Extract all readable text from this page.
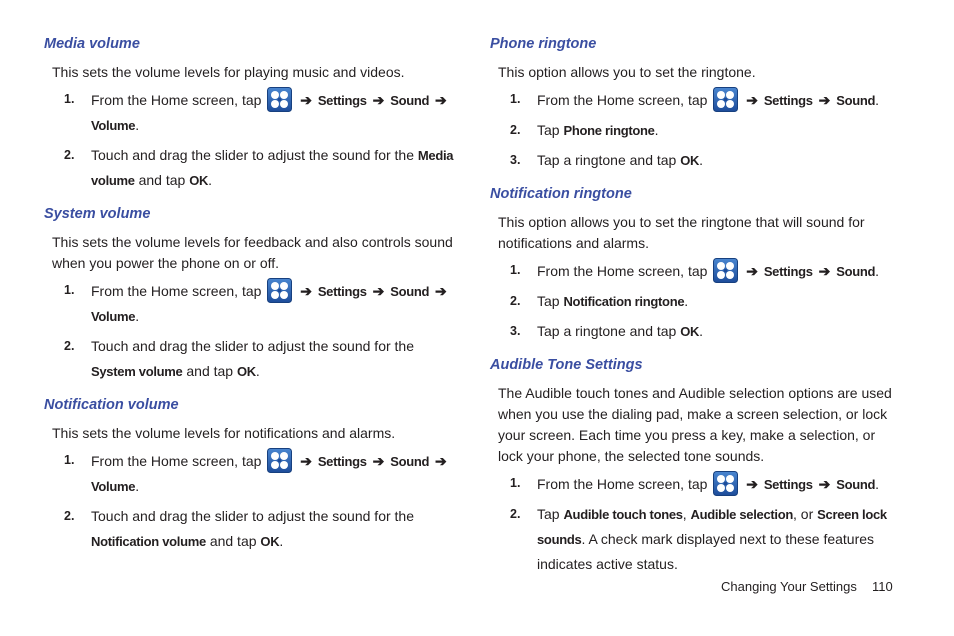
Media volume
This sets the volume levels for playing music and videos.
1. From the Home screen, tap	➔ Settings ➔ Sound ➔ Volume.
2. Touch and drag the slider to adjust the sound for the Media volume and tap OK.
System volume
This sets the volume levels for feedback and also controls sound when you power the phone on or off.
1. From the Home screen, tap	➔ Settings ➔ Sound ➔ Volume.
2. Touch and drag the slider to adjust the sound for the System volume and tap OK.
Notification volume
This sets the volume levels for notifications and alarms.
1. From the Home screen, tap	➔ Settings ➔ Sound ➔ Volume.
2. Touch and drag the slider to adjust the sound for the Notification volume and tap OK.
Phone ringtone
This option allows you to set the ringtone.
1. From the Home screen, tap	➔ Settings ➔ Sound.
2. Tap Phone ringtone.
3. Tap a ringtone and tap OK.
Notification ringtone
This option allows you to set the ringtone that will sound for notifications and alarms.
1. From the Home screen, tap	➔ Settings ➔ Sound.
2. Tap Notification ringtone.
3. Tap a ringtone and tap OK.
Audible Tone Settings
The Audible touch tones and Audible selection options are used when you use the dialing pad, make a screen selection, or lock your screen. Each time you press a key, make a selection, or lock your phone, the selected tone sounds.
1. From the Home screen, tap	➔ Settings ➔ Sound.
2. Tap Audible touch tones, Audible selection, or Screen lock sounds. A check mark displayed next to these features indicates active status.
Changing Your Settings 110
